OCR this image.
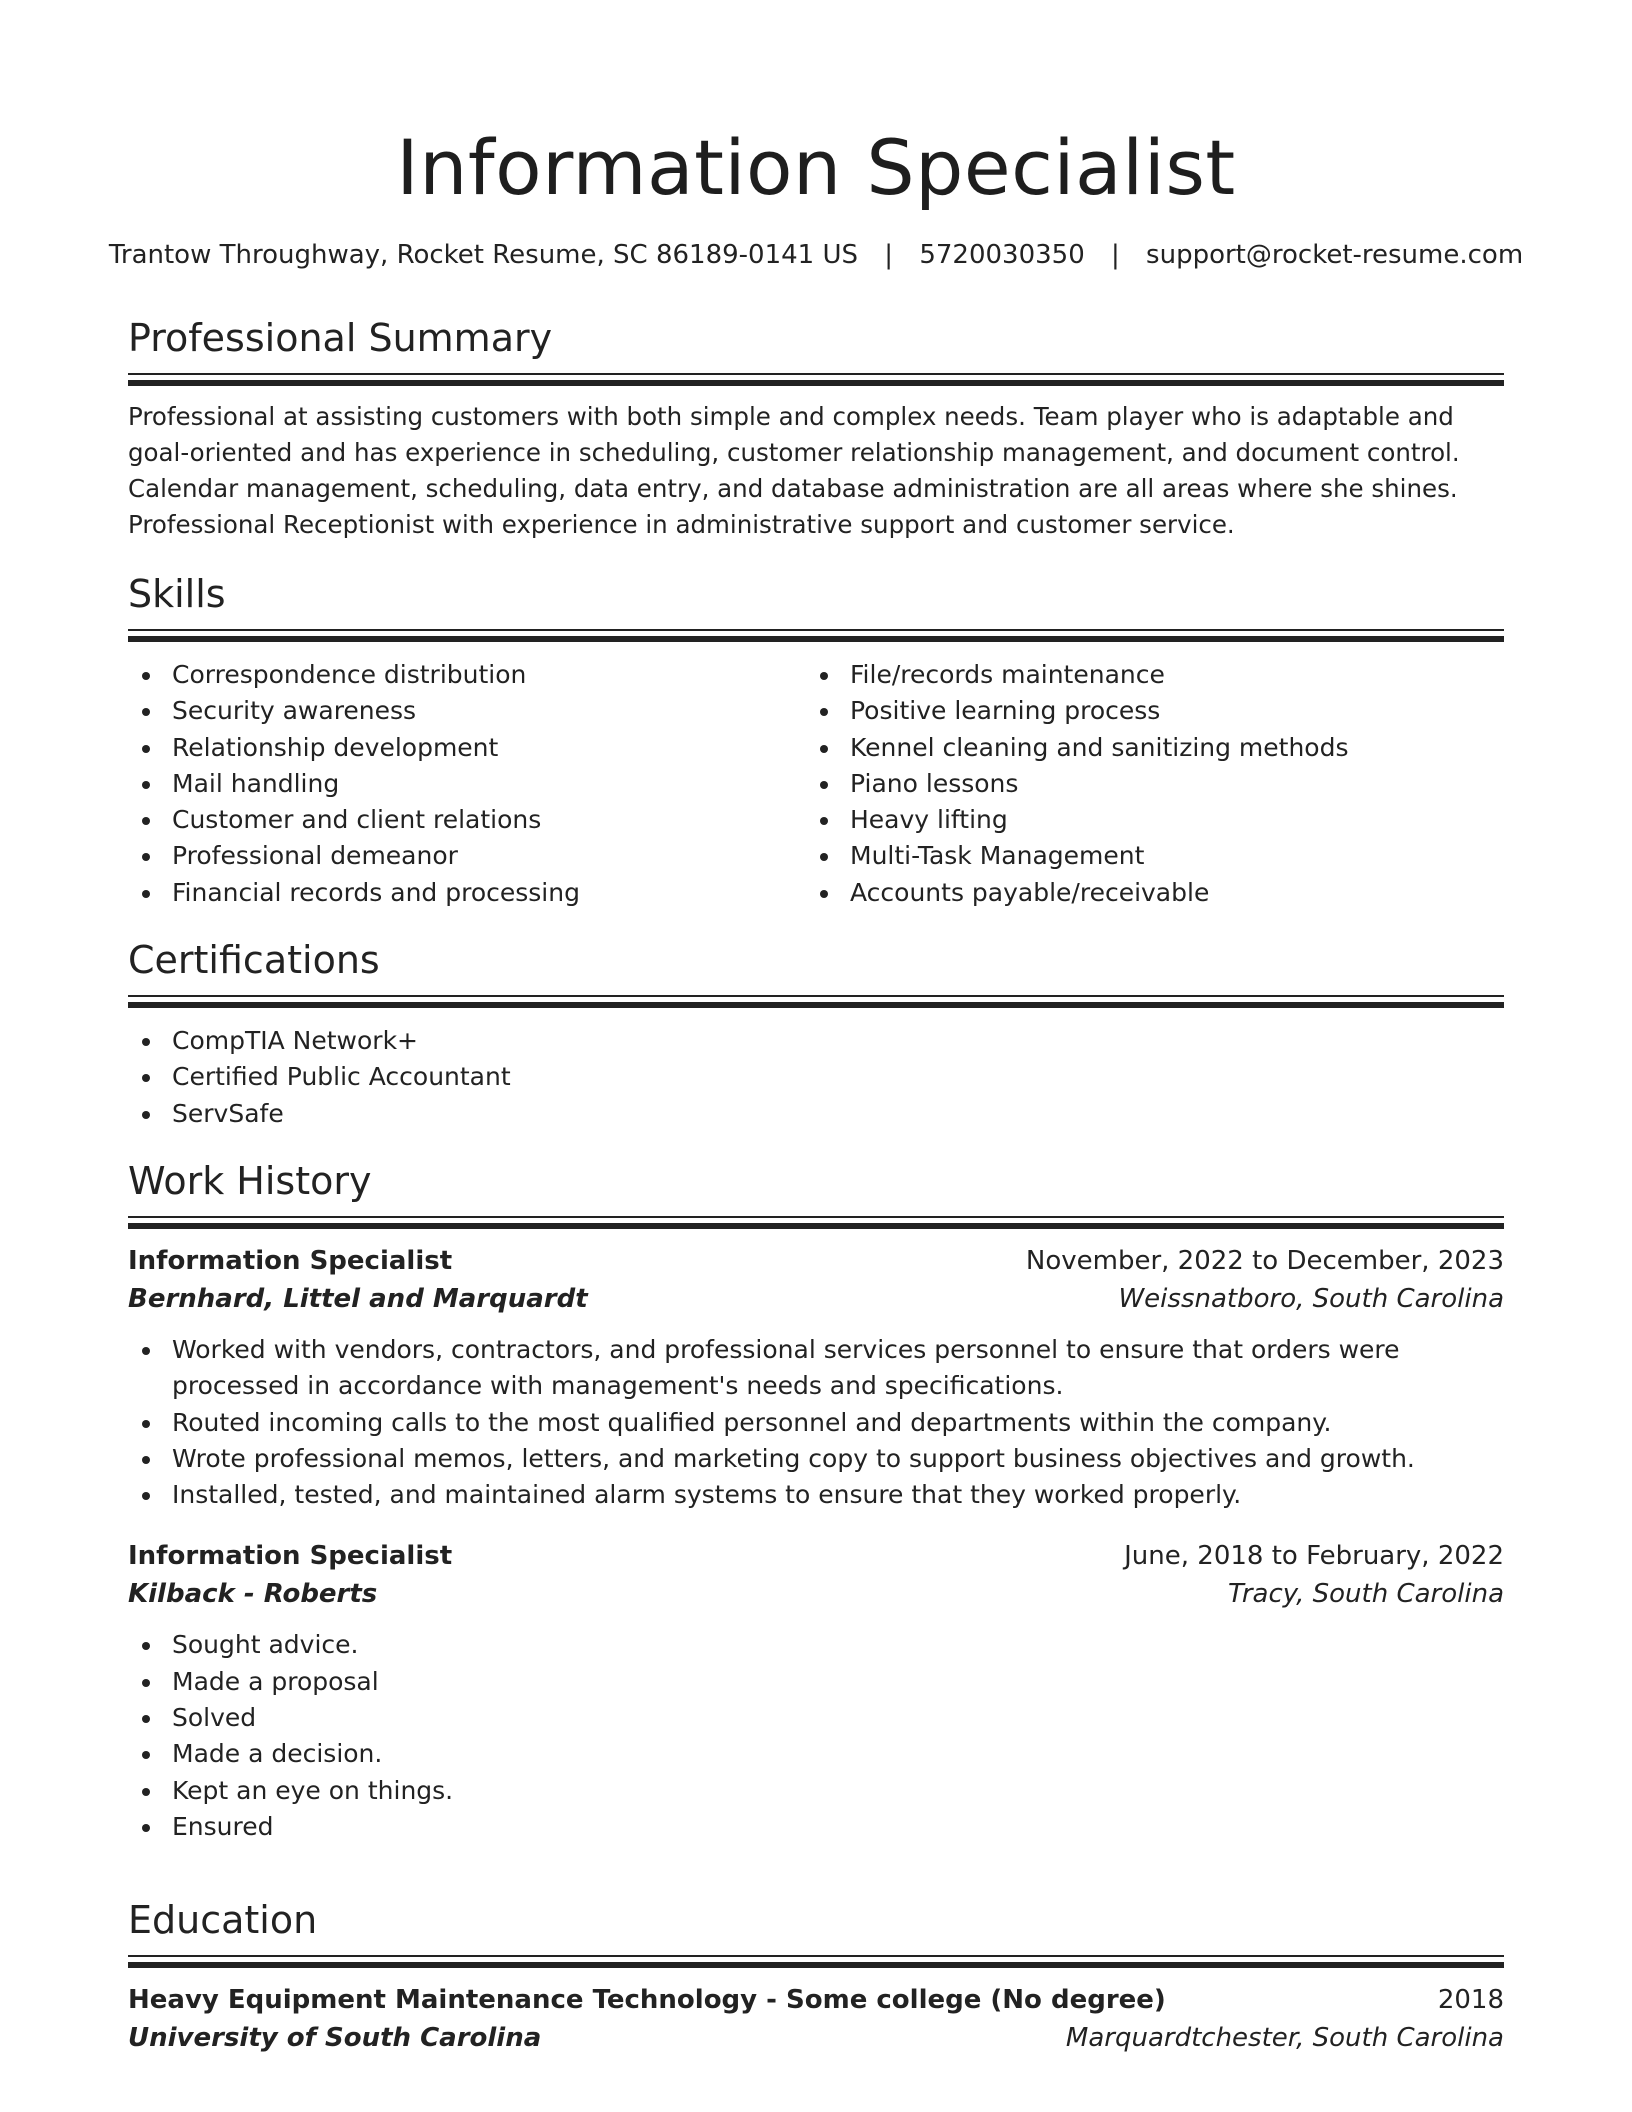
Information Specialist
Trantow Throughway, Rocket Resume, SC 86189-0141 US | 5720030350 | support@rocket-resume.com
Professional Summary

Professional at assisting customers with both simple and complex needs. Team player who is adaptable and goal-oriented and has experience in scheduling, customer relationship management, and document control. Calendar management, scheduling, data entry, and database administration are all areas where she shines. Professional Receptionist with experience in administrative support and customer service.

Skills
Correspondence distribution
Security awareness
Relationship development
Mail handling
Customer and client relations
Professional demeanor
Financial records and processing
File/records maintenance
Positive learning process
Kennel cleaning and sanitizing methods
Piano lessons
Heavy lifting
Multi-Task Management
Accounts payable/receivable
Certifications
CompTIA Network+
Certified Public Accountant
ServSafe
Work History
Information Specialist	November, 2022 to December, 2023
Bernhard, Littel and Marquardt	Weissnatboro, South Carolina
Worked with vendors, contractors, and professional services personnel to ensure that orders were processed in accordance with management's needs and specifications.
Routed incoming calls to the most qualified personnel and departments within the company.
Wrote professional memos, letters, and marketing copy to support business objectives and growth.
Installed, tested, and maintained alarm systems to ensure that they worked properly.
Information Specialist	June, 2018 to February, 2022
Kilback - Roberts	Tracy, South Carolina
Sought advice.
Made a proposal
Solved
Made a decision.
Kept an eye on things.
Ensured
Education
Heavy Equipment Maintenance Technology - Some college (No degree)	2018
University of South Carolina	Marquardtchester, South Carolina
